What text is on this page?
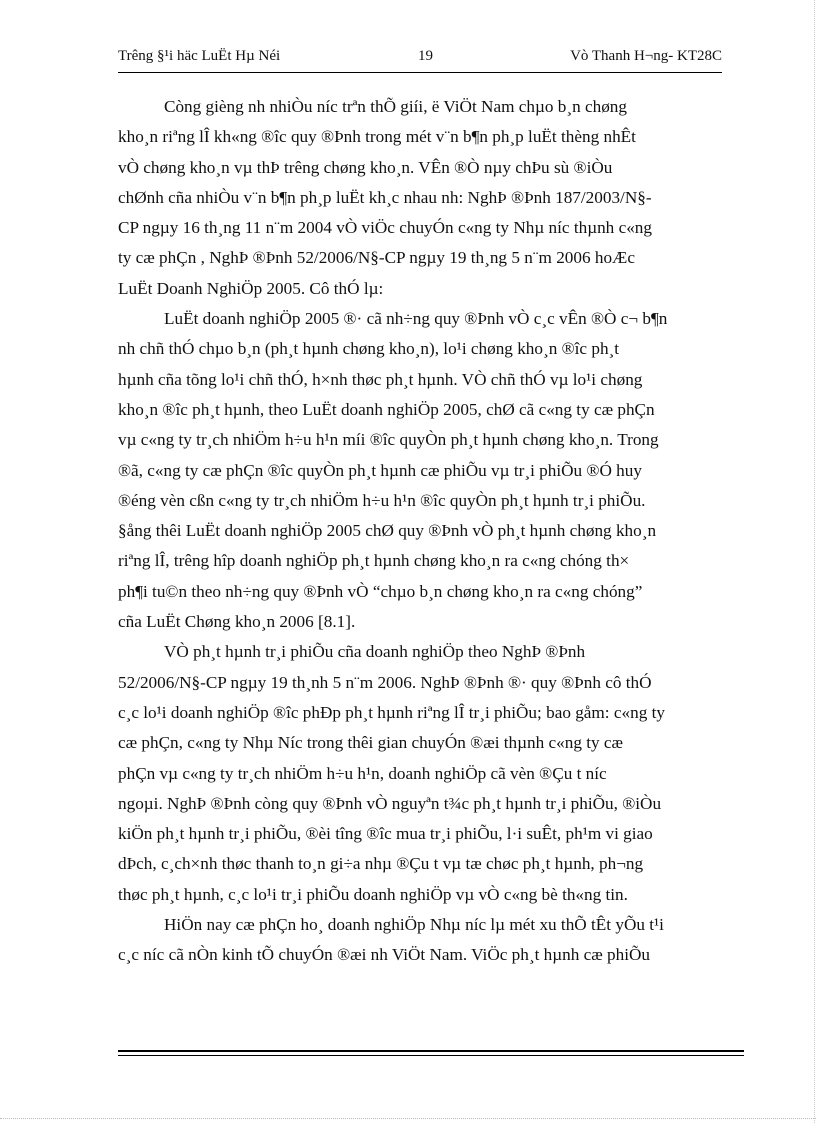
Trêng §¹i häc LuËt Hµ Néi	19	Vò Thanh H¬ng- KT28C

Còng gièng nh nhiÒu níc trªn thÕ giíi, ë ViÖt Nam chµo b¸n chøng
kho¸n riªng lÎ kh«ng ®îc quy ®Þnh trong mét v¨n b¶n ph¸p luËt thèng nhÊt
vÒ chøng kho¸n vµ thÞ trêng chøng kho¸n. VÊn ®Ò nµy chÞu sù ®iÒu
chØnh cña nhiÒu v¨n b¶n ph¸p luËt kh¸c nhau nh: NghÞ ®Þnh 187/2003/N§-
CP ngµy 16 th¸ng 11 n¨m 2004 vÒ viÖc chuyÓn c«ng ty Nhµ níc thµnh c«ng
ty cæ phÇn , NghÞ ®Þnh 52/2006/N§-CP ngµy 19 th¸ng 5 n¨m 2006 hoÆc
LuËt Doanh NghiÖp 2005. Cô thÓ lµ:

LuËt doanh nghiÖp 2005 ®· cã nh÷ng quy ®Þnh vÒ c¸c vÊn ®Ò c¬ b¶n
nh chñ thÓ chµo b¸n (ph¸t hµnh chøng kho¸n), lo¹i chøng kho¸n ®îc ph¸t
hµnh cña tõng lo¹i chñ thÓ, h×nh thøc ph¸t hµnh. VÒ chñ thÓ vµ lo¹i chøng
kho¸n ®îc ph¸t hµnh, theo LuËt doanh nghiÖp 2005, chØ cã c«ng ty cæ phÇn
vµ c«ng ty tr¸ch nhiÖm h÷u h¹n míi ®îc quyÒn ph¸t hµnh chøng kho¸n. Trong
®ã, c«ng ty cæ phÇn ®îc quyÒn ph¸t hµnh cæ phiÕu vµ tr¸i phiÕu ®Ó huy
®éng vèn cßn c«ng ty tr¸ch nhiÖm h÷u h¹n ®îc quyÒn ph¸t hµnh tr¸i phiÕu.
§ång thêi LuËt doanh nghiÖp 2005 chØ quy ®Þnh vÒ ph¸t hµnh chøng kho¸n
riªng lÎ, trêng hîp doanh nghiÖp ph¸t hµnh chøng kho¸n ra c«ng chóng th×
ph¶i tu©n theo nh÷ng quy ®Þnh vÒ “chµo b¸n chøng kho¸n ra c«ng chóng”
cña LuËt Chøng kho¸n 2006 [8.1].

VÒ ph¸t hµnh tr¸i phiÕu cña doanh nghiÖp theo NghÞ ®Þnh
52/2006/N§-CP ngµy 19 th¸nh 5 n¨m 2006. NghÞ ®Þnh ®· quy ®Þnh cô thÓ
c¸c lo¹i doanh nghiÖp ®îc phÐp ph¸t hµnh riªng lÎ tr¸i phiÕu; bao gåm: c«ng ty
cæ phÇn, c«ng ty Nhµ Níc trong thêi gian chuyÓn ®æi thµnh c«ng ty cæ
phÇn vµ c«ng ty tr¸ch nhiÖm h÷u h¹n, doanh nghiÖp cã vèn ®Çu t níc
ngoµi. NghÞ ®Þnh còng quy ®Þnh vÒ nguyªn t¾c ph¸t hµnh tr¸i phiÕu, ®iÒu
kiÖn ph¸t hµnh tr¸i phiÕu, ®èi tîng ®îc mua tr¸i phiÕu, l·i suÊt, ph¹m vi giao
dÞch, c¸ch×nh thøc thanh to¸n gi÷a nhµ ®Çu t vµ tæ chøc ph¸t hµnh, ph¬ng
thøc ph¸t hµnh, c¸c lo¹i tr¸i phiÕu doanh nghiÖp vµ vÒ c«ng bè th«ng tin.

HiÖn nay cæ phÇn ho¸ doanh nghiÖp Nhµ níc lµ mét xu thÕ tÊt yÕu t¹i
c¸c níc cã nÒn kinh tÕ chuyÓn ®æi nh ViÖt Nam. ViÖc ph¸t hµnh cæ phiÕu
